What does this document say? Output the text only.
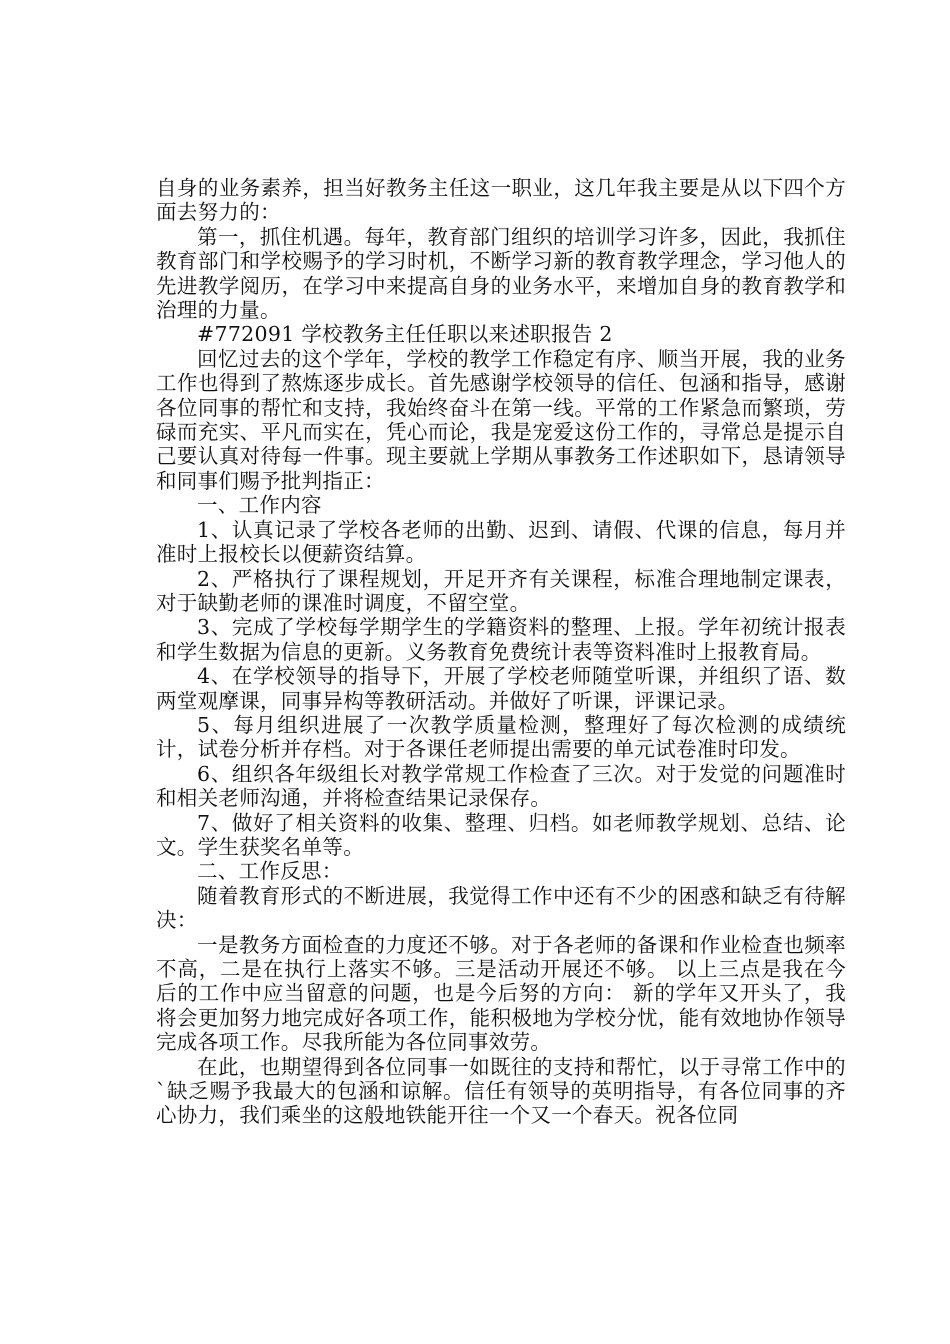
自身的业务素养，担当好教务主任这一职业，这几年我主要是从以下四个方面去努力的：

第一，抓住机遇。每年，教育部门组织的培训学习许多，因此，我抓住教育部门和学校赐予的学习时机，不断学习新的教育教学理念，学习他人的先进教学阅历，在学习中来提高自身的业务水平，来增加自身的教育教学和治理的力量。

#772091 学校教务主任任职以来述职报告 2

回忆过去的这个学年，学校的教学工作稳定有序、顺当开展，我的业务工作也得到了熬炼逐步成长。首先感谢学校领导的信任、包涵和指导，感谢各位同事的帮忙和支持，我始终奋斗在第一线。平常的工作紧急而繁琐，劳碌而充实、平凡而实在，凭心而论，我是宠爱这份工作的，寻常总是提示自己要认真对待每一件事。现主要就上学期从事教务工作述职如下，恳请领导和同事们赐予批判指正：

一、工作内容

1、认真记录了学校各老师的出勤、迟到、请假、代课的信息，每月并准时上报校长以便薪资结算。

2、严格执行了课程规划，开足开齐有关课程，标准合理地制定课表，对于缺勤老师的课准时调度，不留空堂。

3、完成了学校每学期学生的学籍资料的整理、上报。学年初统计报表和学生数据为信息的更新。义务教育免费统计表等资料准时上报教育局。

4、在学校领导的指导下，开展了学校老师随堂听课，并组织了语、数两堂观摩课，同事异构等教研活动。并做好了听课，评课记录。

5、每月组织进展了一次教学质量检测，整理好了每次检测的成绩统计，试卷分析并存档。对于各课任老师提出需要的单元试卷准时印发。

6、组织各年级组长对教学常规工作检查了三次。对于发觉的问题准时和相关老师沟通，并将检查结果记录保存。

7、做好了相关资料的收集、整理、归档。如老师教学规划、总结、论文。学生获奖名单等。

二、工作反思：

随着教育形式的不断进展，我觉得工作中还有不少的困惑和缺乏有待解决：

一是教务方面检查的力度还不够。对于各老师的备课和作业检查也频率不高，二是在执行上落实不够。三是活动开展还不够。 以上三点是我在今后的工作中应当留意的问题，也是今后努的方向： 新的学年又开头了，我将会更加努力地完成好各项工作，能积极地为学校分忧，能有效地协作领导完成各项工作。尽我所能为各位同事效劳。

在此，也期望得到各位同事一如既往的支持和帮忙，以于寻常工作中的`缺乏赐予我最大的包涵和谅解。信任有领导的英明指导，有各位同事的齐心协力，我们乘坐的这般地铁能开往一个又一个春天。祝各位同
